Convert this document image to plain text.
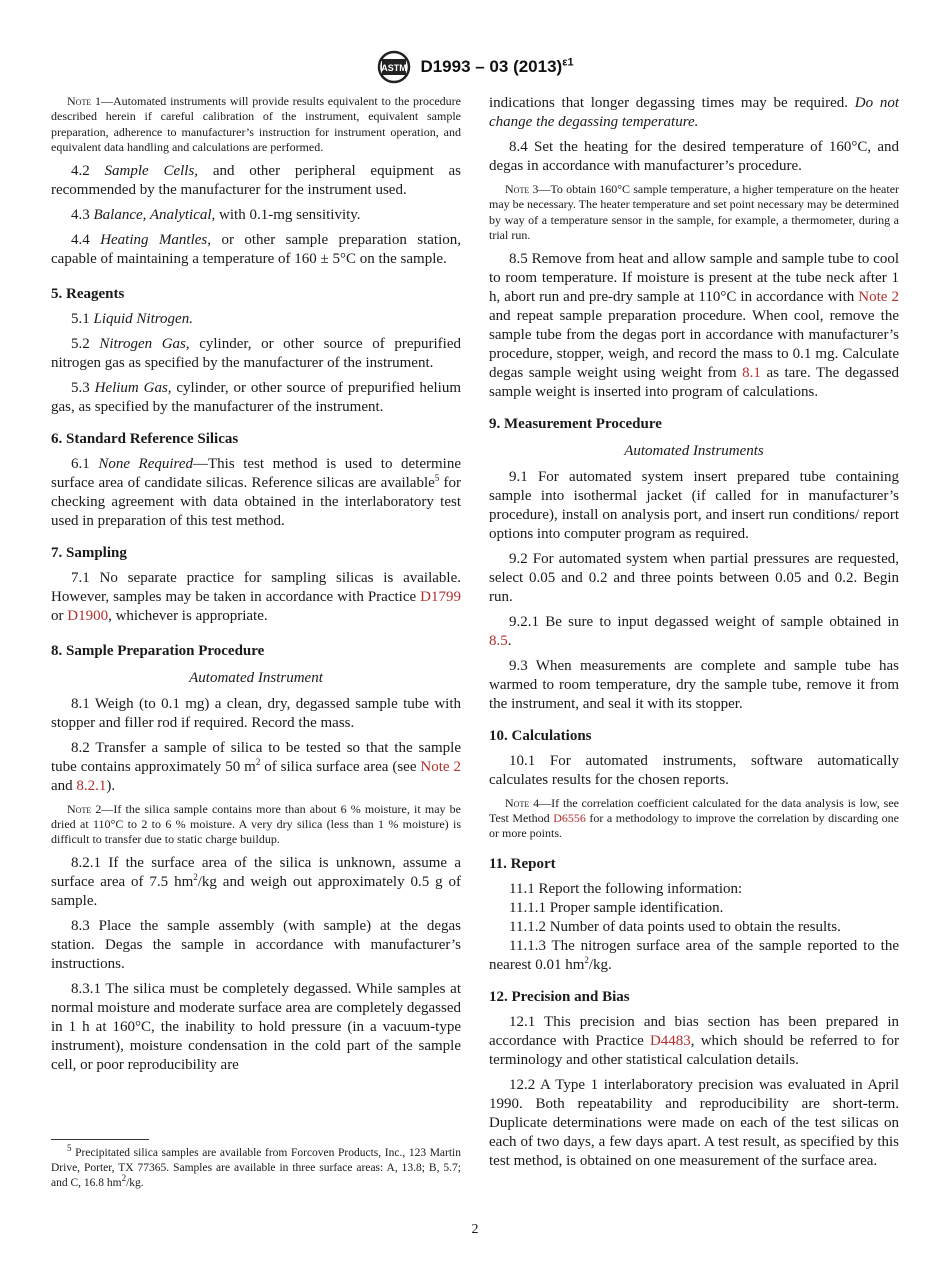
ASTM D1993 – 03 $(2013)^{\varepsilon 1}$

Note 1—Automated instruments will provide results equivalent to the procedure described herein if careful calibration of the instrument, equivalent sample preparation, adherence to manufacturer’s instruction for instrument operation, and equivalent data handling and calculations are performed.

4.2 Sample Cells, and other peripheral equipment as recommended by the manufacturer for the instrument used.

4.3 Balance, Analytical, with 0.1-mg sensitivity.

4.4 Heating Mantles, or other sample preparation station, capable of maintaining a temperature of 160 ± 5°C on the sample.

5. Reagents

5.1 Liquid Nitrogen.

5.2 Nitrogen Gas, cylinder, or other source of prepurified nitrogen gas as specified by the manufacturer of the instrument.

5.3 Helium Gas, cylinder, or other source of prepurified helium gas, as specified by the manufacturer of the instrument.

6. Standard Reference Silicas

6.1 None Required—This test method is used to determine surface area of candidate silicas. Reference silicas are available$^5$ for checking agreement with data obtained in the interlaboratory test used in preparation of this test method.

7. Sampling

7.1 No separate practice for sampling silicas is available. However, samples may be taken in accordance with Practice D1799 or D1900, whichever is appropriate.

8. Sample Preparation Procedure

Automated Instrument

8.1 Weigh (to 0.1 mg) a clean, dry, degassed sample tube with stopper and filler rod if required. Record the mass.

8.2 Transfer a sample of silica to be tested so that the sample tube contains approximately 50 $m^2$ of silica surface area (see Note 2 and 8.2.1).

Note 2—If the silica sample contains more than about 6 % moisture, it may be dried at 110°C to 2 to 6 % moisture. A very dry silica (less than 1 % moisture) is difficult to transfer due to static charge buildup.

8.2.1 If the surface area of the silica is unknown, assume a surface area of 7.5 $hm^2/kg$ and weigh out approximately 0.5 g of sample.

8.3 Place the sample assembly (with sample) at the degas station. Degas the sample in accordance with manufacturer’s instructions.

8.3.1 The silica must be completely degassed. While samples at normal moisture and moderate surface area are completely degassed in 1 h at 160°C, the inability to hold pressure (in a vacuum-type instrument), moisture condensation in the cold part of the sample cell, or poor reproducibility are

indications that longer degassing times may be required. Do not change the degassing temperature.

8.4 Set the heating for the desired temperature of 160°C, and degas in accordance with manufacturer’s procedure.

Note 3—To obtain 160°C sample temperature, a higher temperature on the heater may be necessary. The heater temperature and set point necessary may be determined by way of a temperature sensor in the sample, for example, a thermometer, during a trial run.

8.5 Remove from heat and allow sample and sample tube to cool to room temperature. If moisture is present at the tube neck after 1 h, abort run and pre-dry sample at 110°C in accordance with Note 2 and repeat sample preparation procedure. When cool, remove the sample tube from the degas port in accordance with manufacturer’s procedure, stopper, weigh, and record the mass to 0.1 mg. Calculate degas sample weight using weight from 8.1 as tare. The degassed sample weight is inserted into program of calculations.

9. Measurement Procedure

Automated Instruments

9.1 For automated system insert prepared tube containing sample into isothermal jacket (if called for in manufacturer’s procedure), install on analysis port, and insert run conditions/ report options into computer program as required.

9.2 For automated system when partial pressures are requested, select 0.05 and 0.2 and three points between 0.05 and 0.2. Begin run.

9.2.1 Be sure to input degassed weight of sample obtained in 8.5.

9.3 When measurements are complete and sample tube has warmed to room temperature, dry the sample tube, remove it from the instrument, and seal it with its stopper.

10. Calculations

10.1 For automated instruments, software automatically calculates results for the chosen reports.

Note 4—If the correlation coefficient calculated for the data analysis is low, see Test Method D6556 for a methodology to improve the correlation by discarding one or more points.

11. Report

11.1 Report the following information:

11.1.1 Proper sample identification.

11.1.2 Number of data points used to obtain the results.

11.1.3 The nitrogen surface area of the sample reported to the nearest 0.01 $hm^2/kg$.

12. Precision and Bias

12.1 This precision and bias section has been prepared in accordance with Practice D4483, which should be referred to for terminology and other statistical calculation details.

12.2 A Type 1 interlaboratory precision was evaluated in April 1990. Both repeatability and reproducibility are short-term. Duplicate determinations were made on each of the test silicas on each of two days, a few days apart. A test result, as specified by this test method, is obtained on one measurement of the surface area.

$^5$ Precipitated silica samples are available from Forcoven Products, Inc., 123 Martin Drive, Porter, TX 77365. Samples are available in three surface areas: A, 13.8; B, 5.7; and C, 16.8 $hm^2/kg$.

2
